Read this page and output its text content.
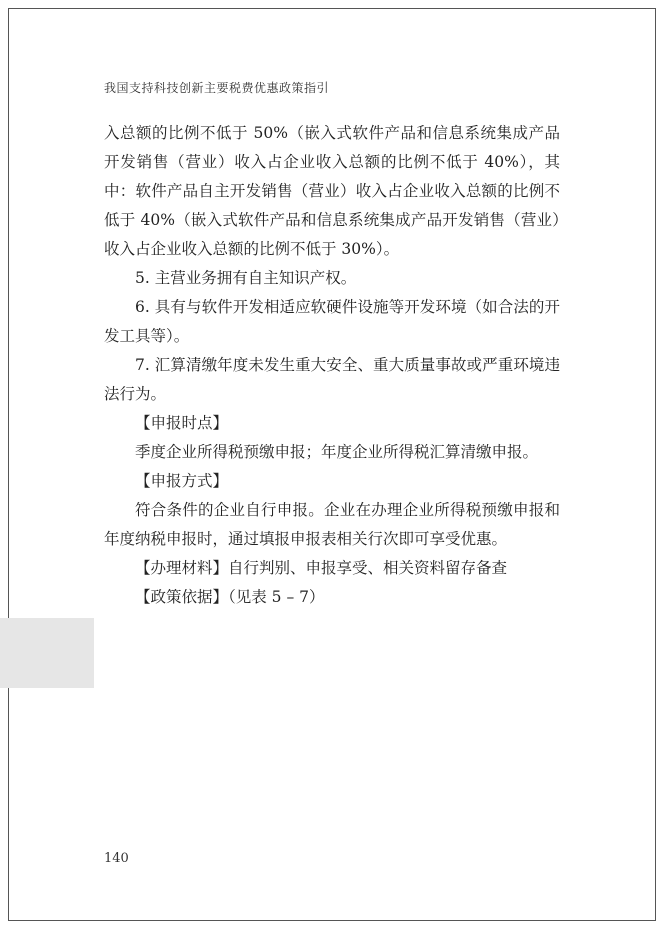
我国支持科技创新主要税费优惠政策指引

入总额的比例不低于 50%（嵌入式软件产品和信息系统集成产品开发销售（营业）收入占企业收入总额的比例不低于 40%），其中：软件产品自主开发销售（营业）收入占企业收入总额的比例不低于 40%（嵌入式软件产品和信息系统集成产品开发销售（营业）收入占企业收入总额的比例不低于 30%）。

5. 主营业务拥有自主知识产权。

6. 具有与软件开发相适应软硬件设施等开发环境（如合法的开发工具等）。

7. 汇算清缴年度未发生重大安全、重大质量事故或严重环境违法行为。

【申报时点】

季度企业所得税预缴申报；年度企业所得税汇算清缴申报。

【申报方式】

符合条件的企业自行申报。企业在办理企业所得税预缴申报和年度纳税申报时，通过填报申报表相关行次即可享受优惠。

【办理材料】自行判别、申报享受、相关资料留存备查

【政策依据】（见表 5 – 7）

140
